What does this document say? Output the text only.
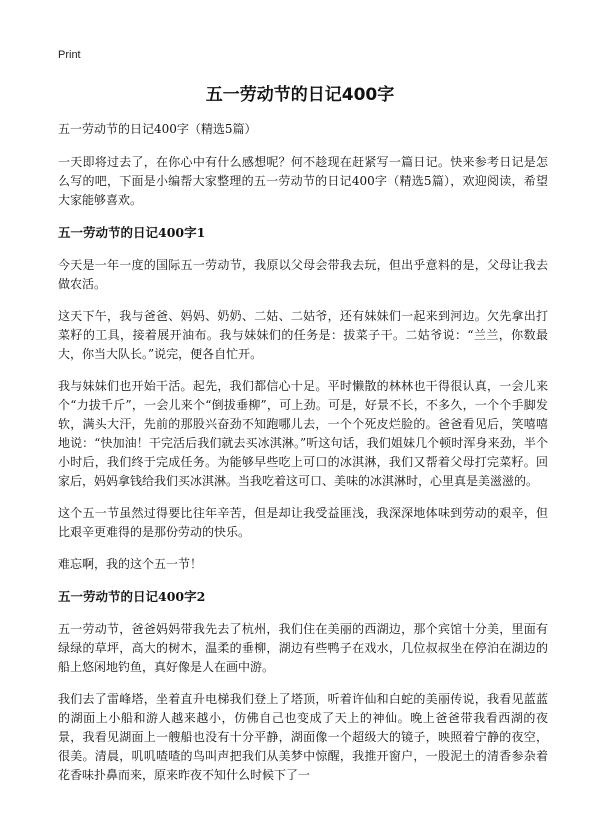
Print
五一劳动节的日记400字

五一劳动节的日记400字（精选5篇）

一天即将过去了，在你心中有什么感想呢？何不趁现在赶紧写一篇日记。快来参考日记是怎么写的吧，下面是小编帮大家整理的五一劳动节的日记400字（精选5篇），欢迎阅读，希望大家能够喜欢。

五一劳动节的日记400字1

今天是一年一度的国际五一劳动节，我原以父母会带我去玩，但出乎意料的是，父母让我去做农活。

这天下午，我与爸爸、妈妈、奶奶、二姑、二姑爷，还有妹妹们一起来到河边。欠先拿出打菜籽的工具，接着展开油布。我与妹妹们的任务是：拔菜子干。二姑爷说：“兰兰，你数最大，你当大队长。”说完，便各自忙开。

我与妹妹们也开始干活。起先，我们都信心十足。平时懒散的林林也干得很认真，一会儿来个“力拔千斤”，一会儿来个“倒拔垂柳”，可上劲。可是，好景不长，不多久，一个个手脚发软，满头大汗，先前的那股兴奋劲不知跑哪儿去，一个个死皮烂脸的。爸爸看见后，笑嘻嘻地说：“快加油！干完活后我们就去买冰淇淋。”听这句话，我们姐妹几个顿时浑身来劲，半个小时后，我们终于完成任务。为能够早些吃上可口的冰淇淋，我们又帮着父母打完菜籽。回家后，妈妈拿钱给我们买冰淇淋。当我吃着这可口、美味的冰淇淋时，心里真是美滋滋的。

这个五一节虽然过得要比往年辛苦，但是却让我受益匪浅，我深深地体味到劳动的艰辛，但比艰辛更难得的是那份劳动的快乐。

难忘啊，我的这个五一节！

五一劳动节的日记400字2

五一劳动节，爸爸妈妈带我先去了杭州，我们住在美丽的西湖边，那个宾馆十分美，里面有绿绿的草坪，高大的树木，温柔的垂柳，湖边有些鸭子在戏水，几位叔叔坐在停泊在湖边的船上悠闲地钓鱼，真好像是人在画中游。

我们去了雷峰塔，坐着直升电梯我们登上了塔顶，听着许仙和白蛇的美丽传说，我看见蓝蓝的湖面上小船和游人越来越小，仿佛自己也变成了天上的神仙。晚上爸爸带我看西湖的夜景，我看见湖面上一艘船也没有十分平静，湖面像一个超级大的镜子，映照着宁静的夜空，很美。清晨，叽叽喳喳的鸟叫声把我们从美梦中惊醒，我推开窗户，一股泥土的清香参杂着花香味扑鼻而来，原来昨夜不知什么时候下了一
